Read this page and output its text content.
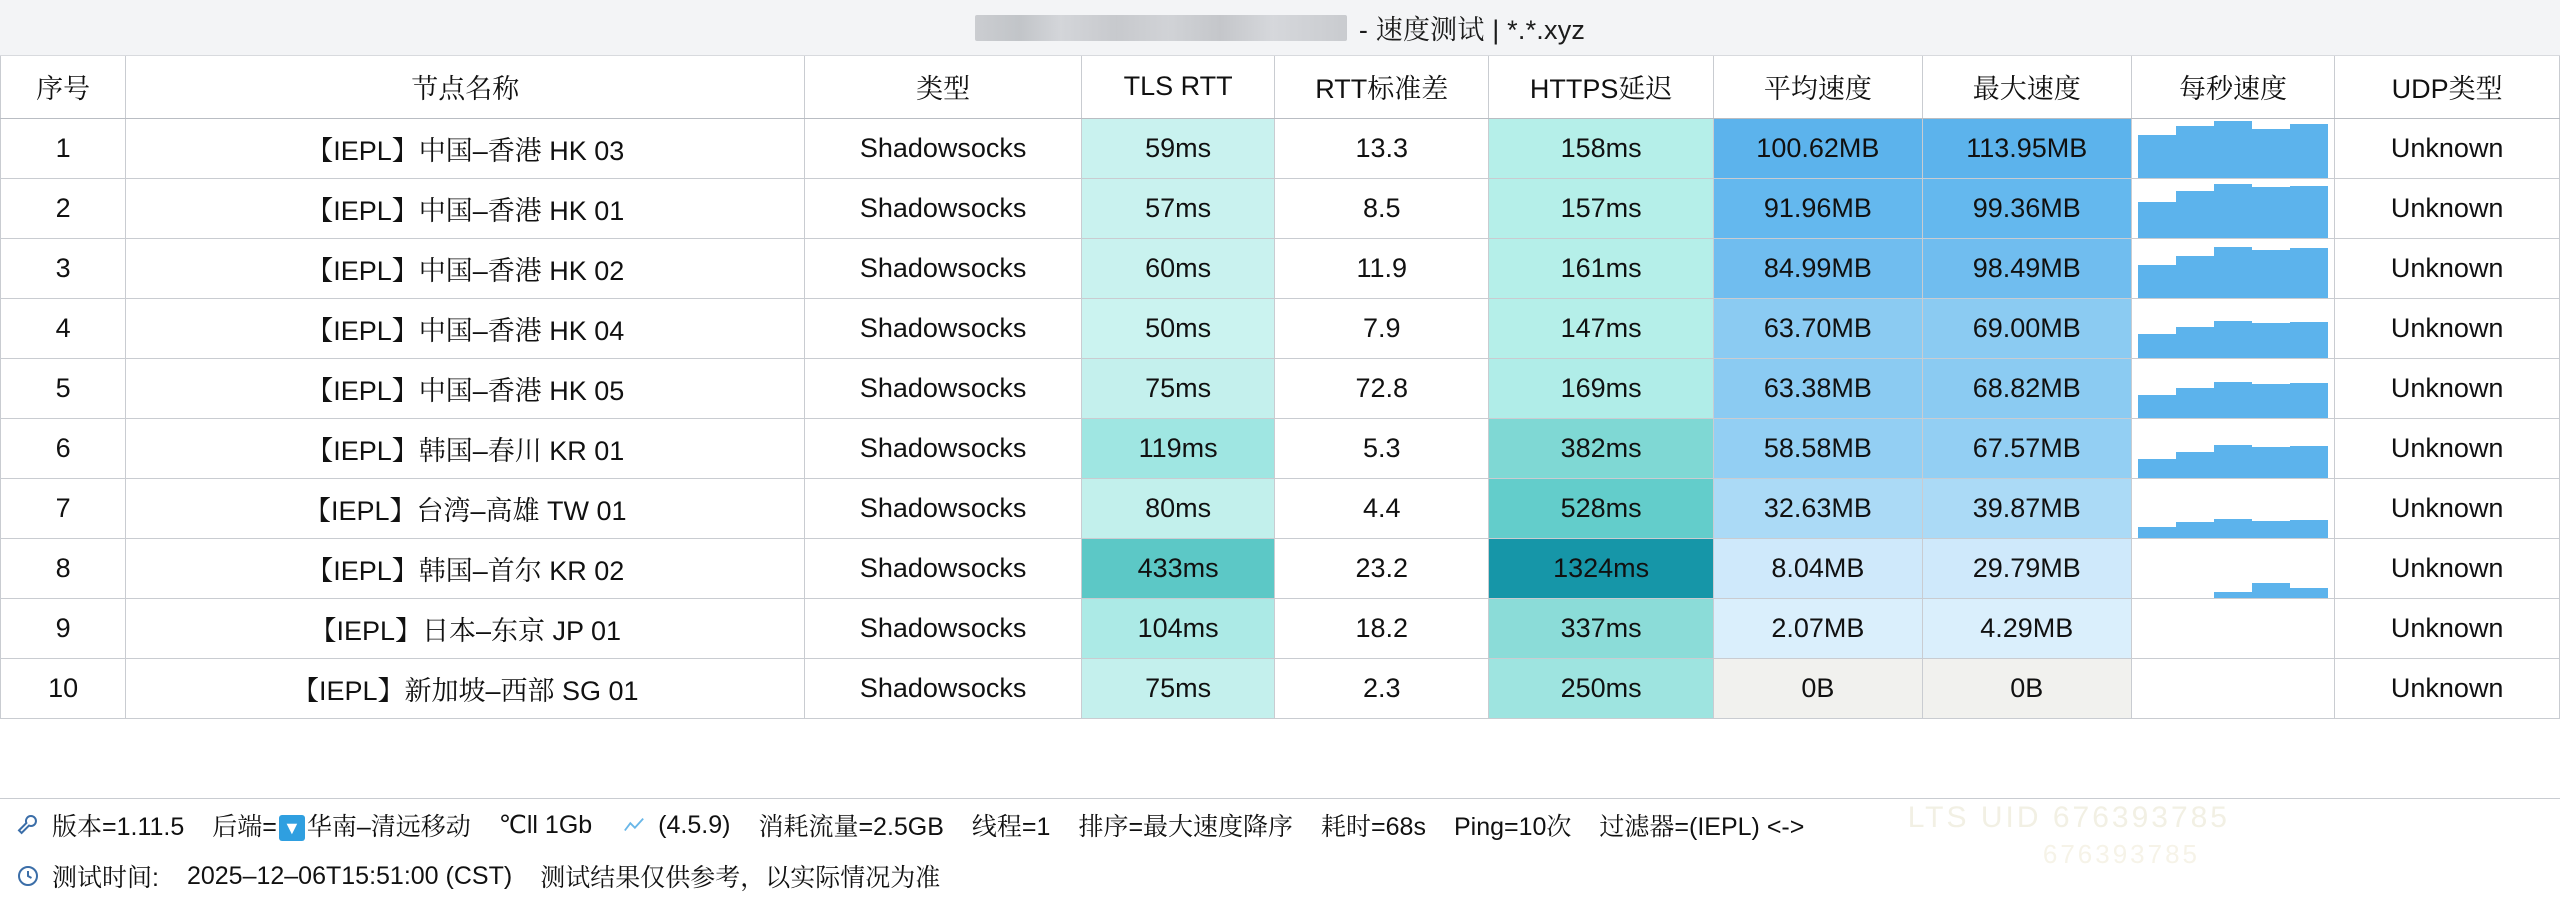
- 速度测试 | *.*.xyz
序号	节点名称	类型	TLS RTT	RTT标准差	HTTPS延迟	平均速度	最大速度	每秒速度	UDP类型
1	【IEPL】中国–香港 HK 03	Shadowsocks	59ms	13.3	158ms	100.62MB	113.95MB		Unknown
2	【IEPL】中国–香港 HK 01	Shadowsocks	57ms	8.5	157ms	91.96MB	99.36MB		Unknown
3	【IEPL】中国–香港 HK 02	Shadowsocks	60ms	11.9	161ms	84.99MB	98.49MB		Unknown
4	【IEPL】中国–香港 HK 04	Shadowsocks	50ms	7.9	147ms	63.70MB	69.00MB		Unknown
5	【IEPL】中国–香港 HK 05	Shadowsocks	75ms	72.8	169ms	63.38MB	68.82MB		Unknown
6	【IEPL】韩国–春川 KR 01	Shadowsocks	119ms	5.3	382ms	58.58MB	67.57MB		Unknown
7	【IEPL】台湾–高雄 TW 01	Shadowsocks	80ms	4.4	528ms	32.63MB	39.87MB		Unknown
8	【IEPL】韩国–首尔 KR 02	Shadowsocks	433ms	23.2	1324ms	8.04MB	29.79MB		Unknown
9	【IEPL】日本–东京 JP 01	Shadowsocks	104ms	18.2	337ms	2.07MB	4.29MB		Unknown
10	【IEPL】新加坡–西部 SG 01	Shadowsocks	75ms	2.3	250ms	0B	0B		Unknown
LTS UID 676393785
676393785
版本=1.11.5 后端= ▼ 华南–清远移动 ℃ll 1Gb	(4.5.9) 消耗流量=2.5GB 线程=1 排序=最大速度降序 耗时=68s Ping=10次 过滤器=(IEPL) <->
测试时间: 2025–12–06T15:51:00 (CST) 测试结果仅供参考，以实际情况为准
